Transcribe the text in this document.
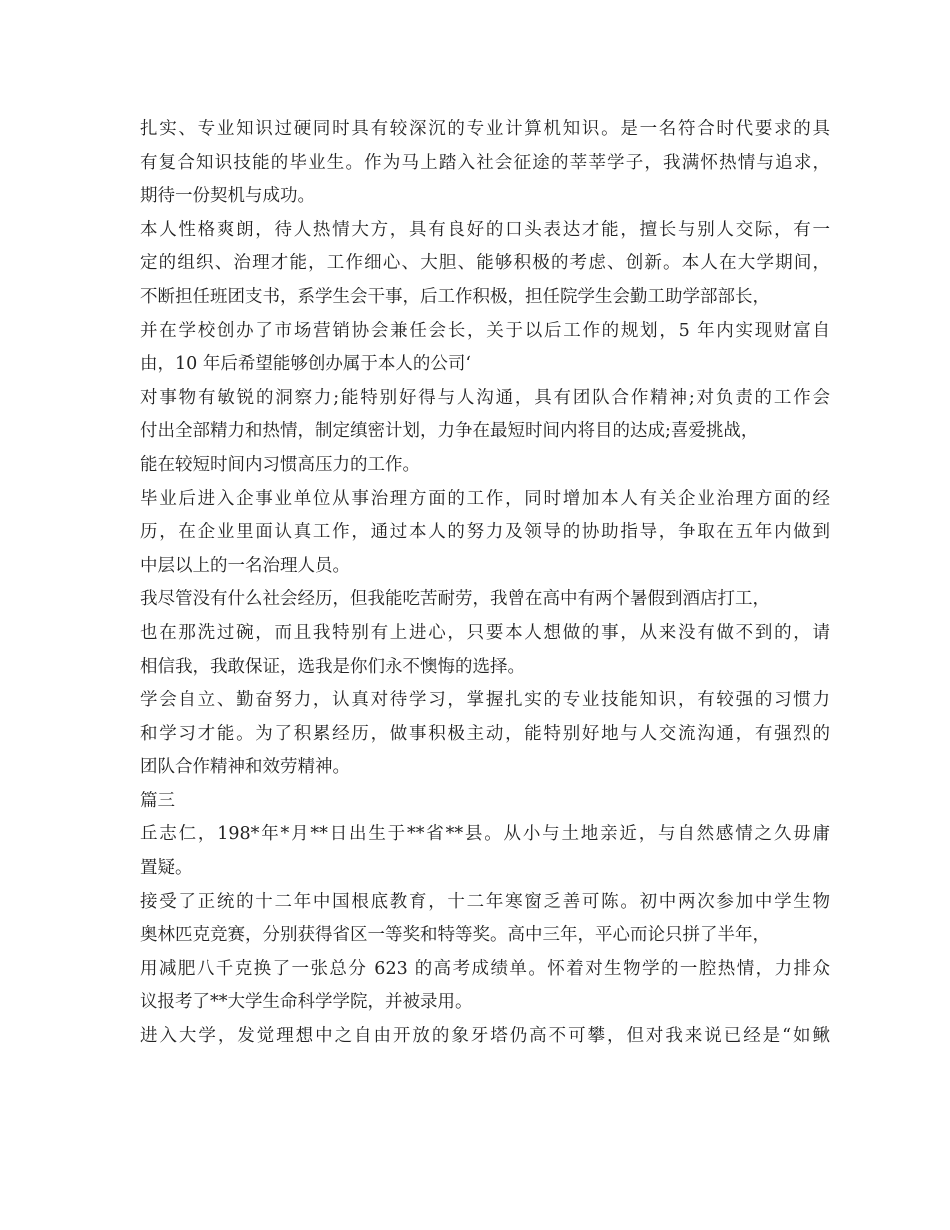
扎实、专业知识过硬同时具有较深沉的专业计算机知识。是一名符合时代要求的具
有复合知识技能的毕业生。作为马上踏入社会征途的莘莘学子，我满怀热情与追求，
期待一份契机与成功。
本人性格爽朗，待人热情大方，具有良好的口头表达才能，擅长与别人交际，有一
定的组织、治理才能，工作细心、大胆、能够积极的考虑、创新。本人在大学期间，
不断担任班团支书，系学生会干事，后工作积极，担任院学生会勤工助学部部长，
并在学校创办了市场营销协会兼任会长，关于以后工作的规划，5 年内实现财富自
由，10 年后希望能够创办属于本人的公司‘
对事物有敏锐的洞察力;能特别好得与人沟通，具有团队合作精神;对负责的工作会
付出全部精力和热情，制定缜密计划，力争在最短时间内将目的达成;喜爱挑战，
能在较短时间内习惯高压力的工作。
毕业后进入企事业单位从事治理方面的工作，同时增加本人有关企业治理方面的经
历，在企业里面认真工作，通过本人的努力及领导的协助指导，争取在五年内做到
中层以上的一名治理人员。
我尽管没有什么社会经历，但我能吃苦耐劳，我曾在高中有两个暑假到酒店打工，
也在那洗过碗，而且我特别有上进心，只要本人想做的事，从来没有做不到的，请
相信我，我敢保证，选我是你们永不懊悔的选择。
学会自立、勤奋努力，认真对待学习，掌握扎实的专业技能知识，有较强的习惯力
和学习才能。为了积累经历，做事积极主动，能特别好地与人交流沟通，有强烈的
团队合作精神和效劳精神。
篇三
丘志仁，198*年*月**日出生于**省**县。从小与土地亲近，与自然感情之久毋庸
置疑。
接受了正统的十二年中国根底教育，十二年寒窗乏善可陈。初中两次参加中学生物
奥林匹克竞赛，分别获得省区一等奖和特等奖。高中三年，平心而论只拼了半年，
用减肥八千克换了一张总分 623 的高考成绩单。怀着对生物学的一腔热情，力排众
议报考了**大学生命科学学院，并被录用。
进入大学，发觉理想中之自由开放的象牙塔仍高不可攀，但对我来说已经是“如鳅
